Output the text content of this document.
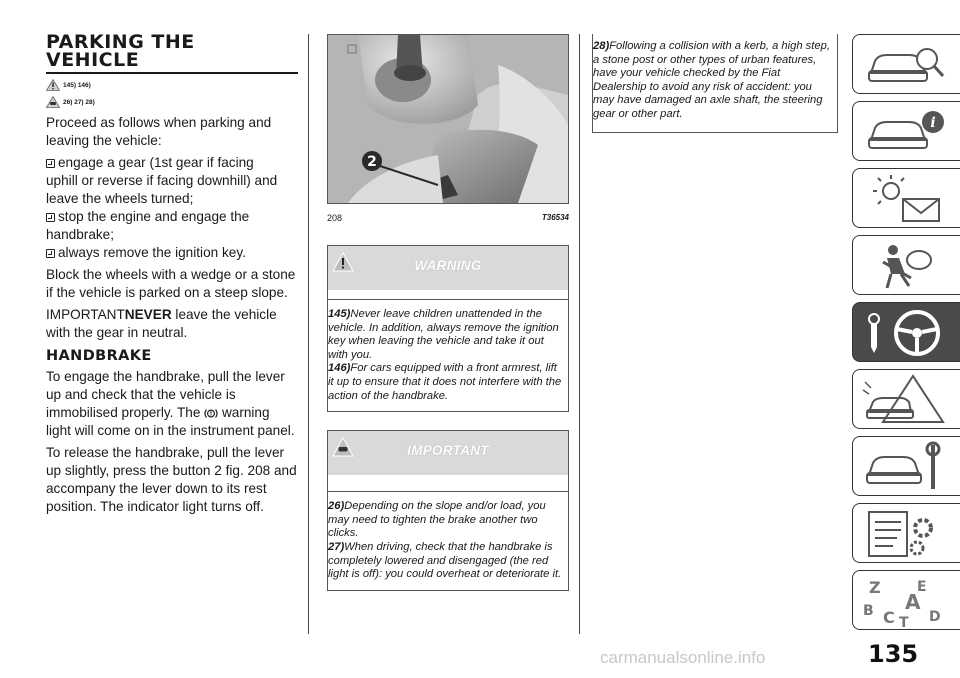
PARKING THE
VEHICLE
145) 146)
26) 27) 28)

Proceed as follows when parking and leaving the vehicle:

engage a gear (1st gear if facing
uphill or reverse if facing downhill) and
leave the wheels turned;
stop the engine and engage the
handbrake;
always remove the ignition key.

Block the wheels with a wedge or a stone if the vehicle is parked on a steep slope.

IMPORTANTNEVER leave the vehicle with the gear in neutral.

HANDBRAKE

To engage the handbrake, pull the lever up and check that the vehicle is immobilised properly. The warning light will come on in the instrument panel.

To release the handbrake, pull the lever up slightly, press the button 2 fig. 208 and accompany the lever down to its rest position. The indicator light turns off.

2
208	T36534
WARNING

145)Never leave children unattended in the vehicle. In addition, always remove the ignition key when leaving the vehicle and take it out with you.

146)For cars equipped with a front armrest, lift it up to ensure that it does not interfere with the action of the handbrake.

IMPORTANT

26)Depending on the slope and/or load, you may need to tighten the brake another two clicks.

27)When driving, check that the handbrake is completely lowered and disengaged (the red light is off): you could overheat or deteriorate it.

28)Following a collision with a kerb, a high step, a stone post or other types of urban features, have your vehicle checked by the Fiat Dealership to avoid any risk of accident: you may have damaged an axle shaft, the steering gear or other part.
i
Z	E
A
B C D
T
carmanualsonline.info	135
